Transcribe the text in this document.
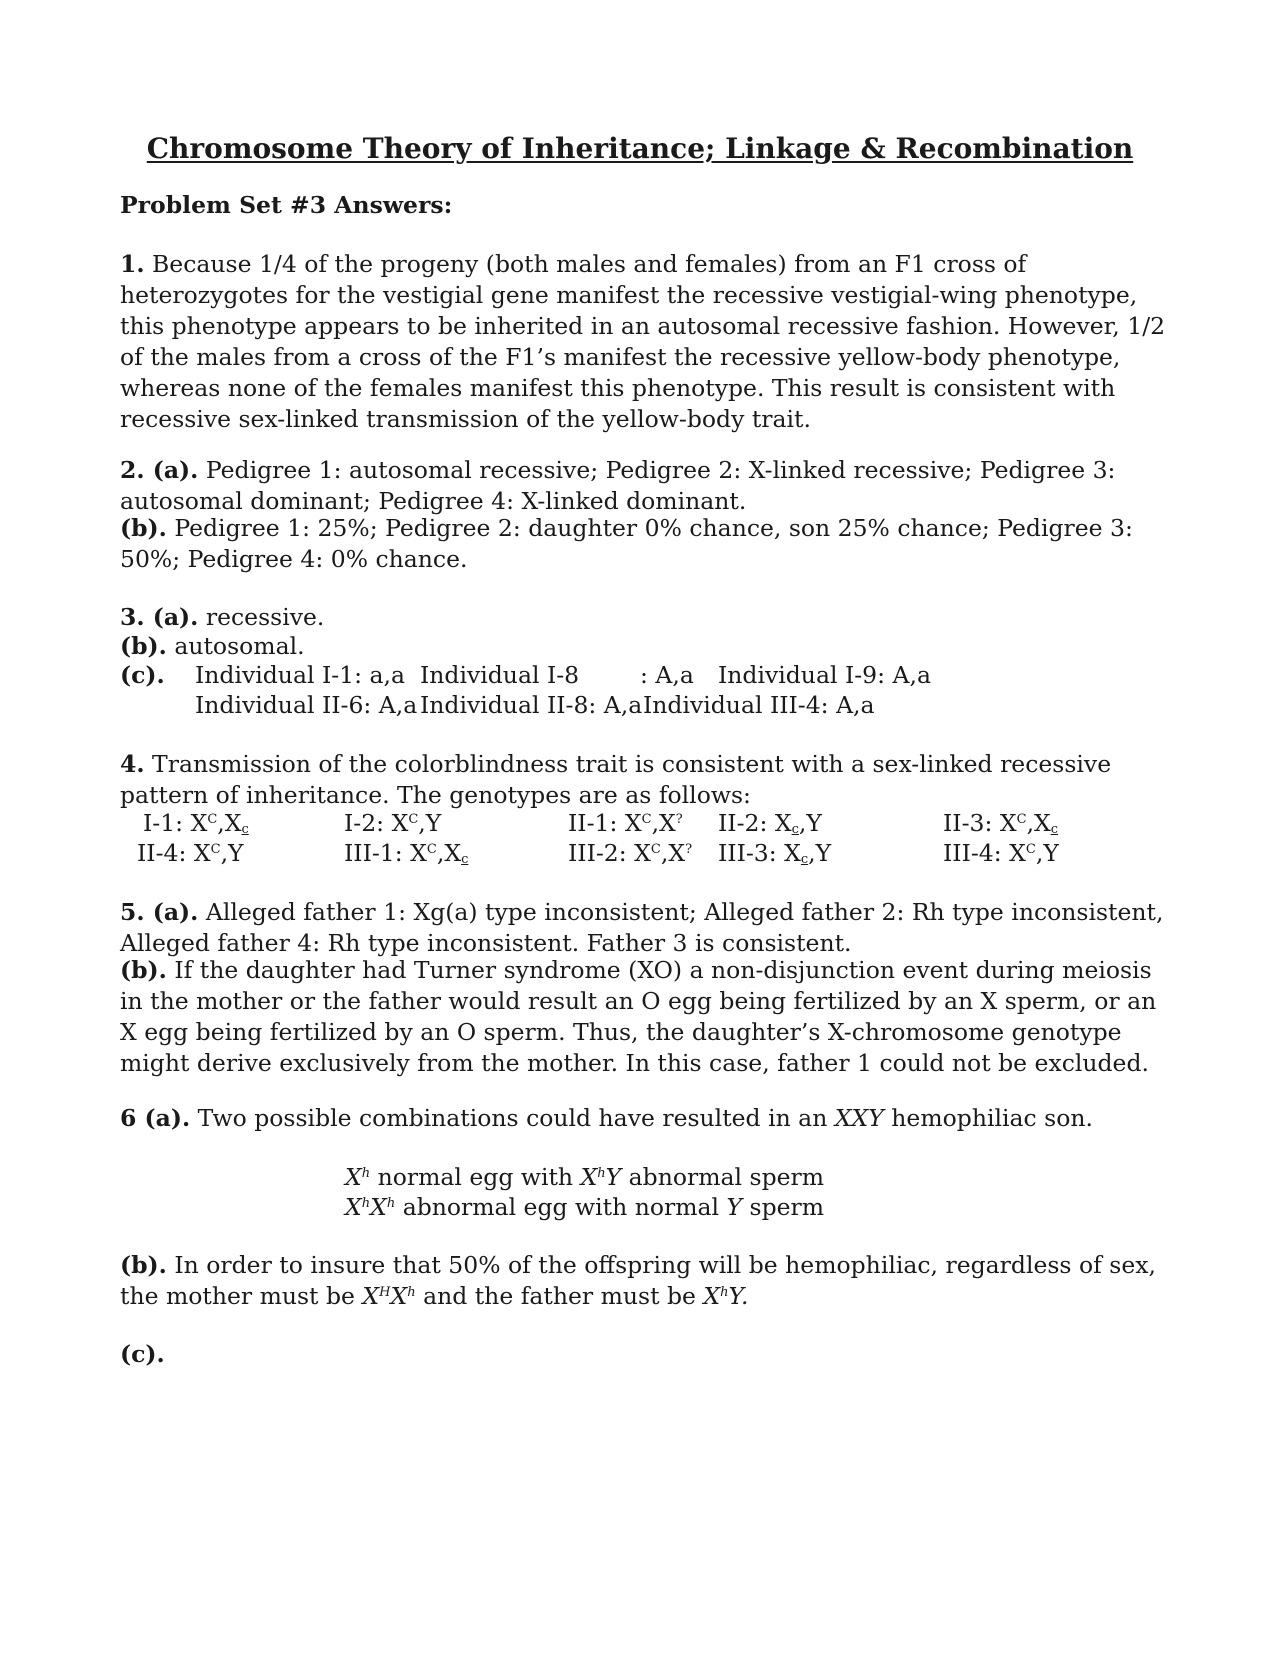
Chromosome Theory of Inheritance; Linkage & Recombination

Problem Set #3 Answers:

1. Because 1/4 of the progeny (both males and females) from an F1 cross of heterozygotes for the vestigial gene manifest the recessive vestigial-wing phenotype, this phenotype appears to be inherited in an autosomal recessive fashion. However, 1/2 of the males from a cross of the F1’s manifest the recessive yellow-body phenotype, whereas none of the females manifest this phenotype. This result is consistent with recessive sex-linked transmission of the yellow-body trait.

2. (a). Pedigree 1: autosomal recessive; Pedigree 2: X-linked recessive; Pedigree 3: autosomal dominant; Pedigree 4: X-linked dominant.

(b). Pedigree 1: 25%; Pedigree 2: daughter 0% chance, son 25% chance; Pedigree 3: 50%; Pedigree 4: 0% chance.

3. (a). recessive.

(b). autosomal.

(c). Individual I-1: a,a Individual I-8	: A,a Individual I-9: A,a

Individual II-6: A,a Individual II-8: A,a Individual III-4: A,a

4. Transmission of the colorblindness trait is consistent with a sex-linked recessive pattern of inheritance. The genotypes are as follows:

I-1: $X^C,X_c$	I-2: $X^C,Y$	II-1: $X^C,X^?$ II-2: $X_c,Y$	II-3: $X^C,X_c$

II-4: $X^C,Y$	III-1: $X^C,X_c$	III-2: $X^C,X^?$ III-3: $X_c,Y$	III-4: $X^C,Y$

5. (a). Alleged father 1: Xg(a) type inconsistent; Alleged father 2: Rh type inconsistent, Alleged father 4: Rh type inconsistent. Father 3 is consistent.

(b). If the daughter had Turner syndrome (XO) a non-disjunction event during meiosis in the mother or the father would result an O egg being fertilized by an X sperm, or an X egg being fertilized by an O sperm. Thus, the daughter’s X-chromosome genotype might derive exclusively from the mother. In this case, father 1 could not be excluded.

6 (a). Two possible combinations could have resulted in an XXY hemophiliac son.

$X^h$ normal egg with $X^hY$ abnormal sperm

$X^hX^h$ abnormal egg with normal Y sperm

(b). In order to insure that 50% of the offspring will be hemophiliac, regardless of sex, the mother must be $X^HX^h$ and the father must be $X^hY$.

(c).
